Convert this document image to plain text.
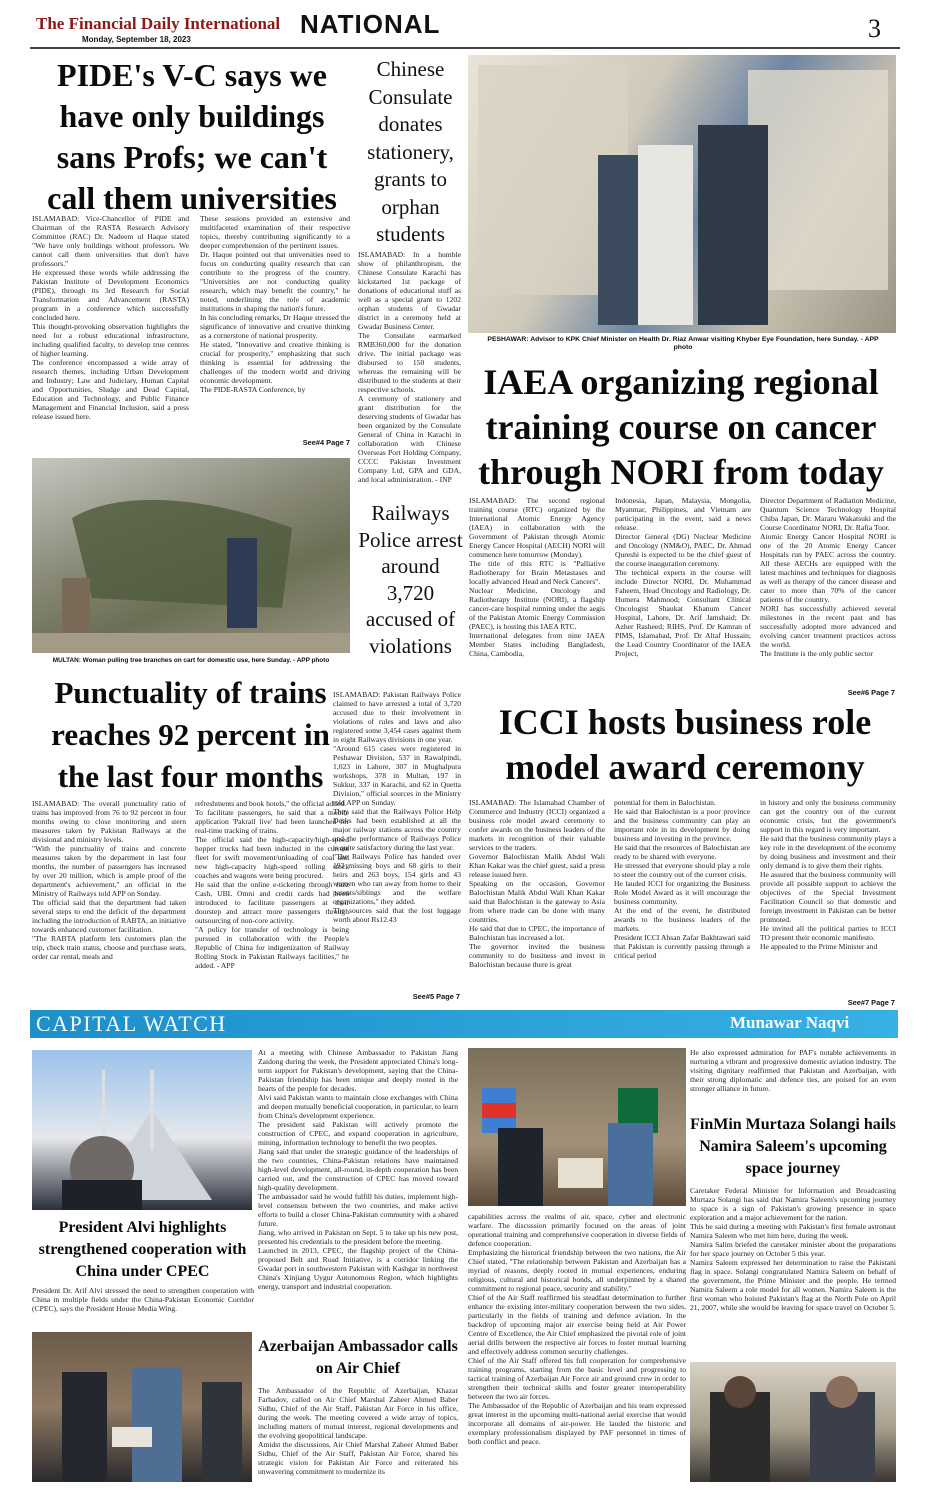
The Financial Daily International
Monday, September 18, 2023
NATIONAL	3
PIDE's V-C says we have only buildings sans Profs; we can't call them universities
ISLAMABAD: Vice-Chancellor of PIDE and Chairman of the RASTA Research Advisory Committee (RAC) Dr. Nadeem ul Haque stated "We have only buildings without professors. We cannot call them universities that don't have professors."
He expressed these words while addressing the Pakistan Institute of Development Economics (PIDE), through its 3rd Research for Social Transformation and Advancement (RASTA) program in a conference which successfully concluded here.
This thought-provoking observation highlights the need for a robust educational infrastructure, including qualified faculty, to develop true centres of higher learning.
The conference encompassed a wide array of research themes, including Urban Development and Industry; Law and Judiciary, Human Capital and Opportunities, Sludge and Dead Capital, Education and Technology, and Public Finance Management and Financial Inclusion, said a press release issued here.
These sessions provided an extensive and multifaceted examination of their respective topics, thereby contributing significantly to a deeper comprehension of the pertinent issues.
Dr. Haque pointed out that universities need to focus on conducting quality research that can contribute to the progress of the country. "Universities are not conducting quality research, which may benefit the country," he noted, underlining the role of academic institutions in shaping the nation's future.
In his concluding remarks, Dr Haque stressed the significance of innovative and creative thinking as a cornerstone of national prosperity.
He stated, "Innovative and creative thinking is crucial for prosperity," emphasizing that such thinking is essential for addressing the challenges of the modern world and driving economic development.
The PIDE-RASTA Conference, by
See#4 Page 7
Chinese Consulate donates stationery, grants to orphan students
ISLAMABAD: In a humble show of philanthropism, the Chinese Consulate Karachi has kickstarted 1st package of donations of educational stuff as well as a special grant to 1202 orphan students of Gwadar district in a ceremony held at Gwadar Business Center.
The Consulate earmarked RMB360,000 for the donation drive. The initial package was disbursed to 150 students, whereas the remaining will be distributed to the students at their respective schools.
A ceremony of stationery and grant distribution for the deserving students of Gwadar has been organized by the Consulate General of China in Karachi in collaboration with Chinese Overseas Port Holding Company, CCCC Pakistan Investment Company Ltd, GPA and GDA, and local administration. - INP
Railways Police arrest around 3,720 accused of violations
ISLAMABAD: Pakistan Railways Police claimed to have arrested a total of 3,720 accused due to their involvement in violations of rules and laws and also registered some 3,454 cases against them in eight Railways divisions in one year.
"Around 615 cases were registered in Peshawar Division, 537 in Rawalpindi, 1,023 in Lahore, 307 in Mughalpura workshops, 378 in Multan, 197 in Sukkur, 337 in Karachi, and 62 in Quetta Division," official sources in the Ministry told APP on Sunday.
They said that the Railways Police Help Desks had been established at all the major railway stations across the country and the performance of Railways Police is quite satisfactory during the last year.
"The Railways Police has handed over 193 missing boys and 68 girls to their heirs and 263 boys, 154 girls and 43 women who ran away from home to their parents/siblings and the welfare organizations," they added.
The sources said that the lost luggage worth about Rs12.43
See#5 Page 7
PESHAWAR: Advisor to KPK Chief Minister on Health Dr. Riaz Anwar visiting Khyber Eye Foundation, here Sunday. - APP photo
IAEA organizing regional training course on cancer through NORI from today
ISLAMABAD: The second regional training course (RTC) organized by the International Atomic Energy Agency (IAEA) in collaboration with the Government of Pakistan through Atomic Energy Cancer Hospital (AECH) NORI will commence here tomorrow (Monday).
The title of this RTC is "Palliative Radiotherapy for Brain Metastases and locally advanced Head and Neck Cancers".
Nuclear Medicine, Oncology and Radiotherapy Institute (NORI), a flagship cancer-care hospital running under the aegis of the Pakistan Atomic Energy Commission (PAEC), is hosting this IAEA RTC.
International delegates from nine IAEA Member States including Bangladesh, China, Cambodia,
Indonesia, Japan, Malaysia, Mongolia, Myanmar, Philippines, and Vietnam are participating in the event, said a news release.
Director General (DG) Nuclear Medicine and Oncology (NM&O), PAEC, Dr. Ahmad Qureshi is expected to be the chief guest of the course inauguration ceremony.
The technical experts in the course will include Director NORI, Dr. Muhammad Faheem, Head Oncology and Radiology, Dr. Humera Mahmood; Consultant Clinical Oncologist Shaukat Khanum Cancer Hospital, Lahore, Dr. Arif Jamshaid; Dr. Azher Rasheed; RIHS, Prof. Dr Kamran of PIMS, Islamabad, Prof. Dr Altaf Hussain; the Lead Country Coordinator of the IAEA Project,
Director Department of Radiation Medicine, Quantum Science Technology Hospital Chiba Japan, Dr. Mararu Wakatsuki and the Course Coordinator NORI, Dr. Rafia Toor.
Atomic Energy Cancer Hospital NORI is one of the 20 Atomic Energy Cancer Hospitals run by PAEC across the country. All these AECHs are equipped with the latest machines and techniques for diagnosis as well as therapy of the cancer disease and cater to more than 70% of the cancer patients of the country.
NORI has successfully achieved several milestones in the recent past and has successfully adopted more advanced and evolving cancer treatment practices across the world.
The Institute is the only public sector
See#6 Page 7
MULTAN: Woman pulling tree branches on cart for domestic use, here Sunday. - APP photo
Punctuality of trains reaches 92 percent in the last four months
ISLAMABAD: The overall punctuality ratio of trains has improved from 76 to 92 percent in four months owing to close monitoring and stern measures taken by Pakistan Railways at the divisional and ministry levels.
"With the punctuality of trains and concrete measures taken by the department in last four months, the number of passengers has increased by over 20 million, which is ample proof of the department's achievement," an official in the Ministry of Railways told APP on Sunday.
The official said that the department had taken several steps to end the deficit of the department including the introduction of RABTA, an initiative towards enhanced customer facilitation.
"The RABTA platform lets customers plan the trip, check train status, choose and purchase seats, order car rental, meals and
refreshments and book hotels," the official added.
To facilitate passengers, he said that a mobile application 'Pakrail live' had been launched for real-time tracking of trains.
The official said the high-capacity/high-speed hopper trucks had been inducted in the current fleet for swift movement/unloading of coal and new high-capacity high-speed rolling stock coaches and wagons were being procured.
He said that the online e-ticketing through Jazz Cash, UBL Omni and credit cards had been introduced to facilitate passengers at their doorstep and attract more passengers through outsourcing of non-core activity.
"A policy for transfer of technology is being pursued in collaboration with the People's Republic of China for indigenization of Railway Rolling Stock in Pakistan Railways facilities," he added. - APP
ICCI hosts business role model award ceremony
ISLAMABAD: The Islamabad Chamber of Commerce and Industry (ICCI) organized a business role model award ceremony to confer awards on the business leaders of the markets in recognition of their valuable services to the traders.
Governor Balochistan Malik Abdul Wali Khan Kakar was the chief guest, said a press release issued here.
Speaking on the occasion, Governor Balochistan Malik Abdul Wali Khan Kakar said that Balochistan is the gateway to Asia from where trade can be done with many countries.
He said that due to CPEC, the importance of Balochistan has increased a lot.
The governor invited the business community to do business and invest in Balochistan because there is great
potential for them in Balochistan.
He said that Balochistan is a poor province and the business community can play an important role in its development by doing business and investing in the province.
He said that the resources of Balochistan are ready to be shared with everyone.
He stressed that everyone should play a role to steer the country out of the current crisis.
He lauded ICCI for organizing the Business Role Model Award as it will encourage the business community.
At the end of the event, he distributed awards to the business leaders of the markets.
President ICCI Ahsan Zafar Bakhtawari said that Pakistan is currently passing through a critical period
in history and only the business community can get the country out of the current economic crisis, but the government's support in this regard is very important.
He said that the business community plays a key role in the development of the economy by doing business and investment and their only demand is to give them their rights.
He assured that the business community will provide all possible support to achieve the objectives of the Special Investment Facilitation Council so that domestic and foreign investment in Pakistan can be better promoted.
He invited all the political parties to ICCI TO present their economic manifesto.
He appealed to the Prime Minister and
See#7 Page 7
CAPITAL WATCH	Munawar Naqvi
President Alvi highlights strengthened cooperation with China under CPEC
President Dr. Arif Alvi stressed the need to strengthen cooperation with China in multiple fields under the China-Pakistan Economic Corridor (CPEC), says the President House Media Wing.
At a meeting with Chinese Ambassador to Pakistan Jiang Zaidong during the week, the President appreciated China's long-term support for Pakistan's development, saying that the China-Pakistan friendship has been unique and deeply rooted in the hearts of the people for decades.
Alvi said Pakistan wants to maintain close exchanges with China and deepen mutually beneficial cooperation, in particular, to learn from China's development experience.
The president said Pakistan will actively promote the construction of CPEC, and expand cooperation in agriculture, mining, information technology to benefit the two peoples.
Jiang said that under the strategic guidance of the leaderships of the two countries, China-Pakistan relations have maintained high-level development, all-round, in-depth cooperation has been carried out, and the construction of CPEC has moved toward high-quality development.
The ambassador said he would fulfill his duties, implement high-level consensus between the two countries, and make active efforts to build a closer China-Pakistan community with a shared future.
Jiang, who arrived in Pakistan on Sept. 5 to take up his new post, presented his credentials to the president before the meeting.
Launched in 2013, CPEC, the flagship project of the China-proposed Belt and Road Initiative, is a corridor linking the Gwadar port in southwestern Pakistan with Kashgar in northwest China's Xinjiang Uygur Autonomous Region, which highlights energy, transport and industrial cooperation.
Azerbaijan Ambassador calls on Air Chief
The Ambassador of the Republic of Azerbaijan, Khazar Farhadov, called on Air Chief Marshal Zaheer Ahmed Baber Sidhu, Chief of the Air Staff, Pakistan Air Force in his office, during the week. The meeting covered a wide array of topics, including matters of mutual interest, regional developments and the evolving geopolitical landscape.
Amidst the discussions, Air Chief Marshal Zaheer Ahmed Baber Sidhu, Chief of the Air Staff, Pakistan Air Force, shared his strategic vision for Pakistan Air Force and reiterated his unwavering commitment to modernize its
capabilities across the realms of air, space, cyber and electronic warfare. The discussion primarily focused on the areas of joint operational training and comprehensive cooperation in diverse fields of defence cooperation.
Emphasizing the historical friendship between the two nations, the Air Chief stated, "The relationship between Pakistan and Azerbaijan has a myriad of reasons, deeply rooted in mutual experiences, enduring religious, cultural and historical bonds, all underpinned by a shared commitment to regional peace, security and stability."
Chief of the Air Staff reaffirmed his steadfast determination to further enhance the existing inter-military cooperation between the two sides, particularly in the fields of training and defence aviation. In the backdrop of upcoming major air exercise being held at Air Power Centre of Excellence, the Air Chief emphasized the pivotal role of joint aerial drills between the respective air forces to foster mutual learning and effectively address common security challenges.
Chief of the Air Staff offered his full cooperation for comprehensive training programs, starting from the basic level and progressing to tactical training of Azerbaijan Air Force air and ground crew in order to strengthen their technical skills and foster greater interoperability between the two air forces.
The Ambassador of the Republic of Azerbaijan and his team expressed great interest in the upcoming multi-national aerial exercise that would incorporate all domains of air-power. He lauded the historic and exemplary professionalism displayed by PAF personnel in times of both conflict and peace.
He also expressed admiration for PAF's notable achievements in nurturing a vibrant and progressive domestic aviation industry. The visiting dignitary reaffirmed that Pakistan and Azerbaijan, with their strong diplomatic and defence ties, are poised for an even stronger alliance in future.
FinMin Murtaza Solangi hails Namira Saleem's upcoming space journey
Caretaker Federal Minister for Information and Broadcasting Murtaza Solangi has said that Namira Saleem's upcoming journey to space is a sign of Pakistan's growing presence in space exploration and a major achievement for the nation.
This he said during a meeting with Pakistan's first female astronaut Namira Saleem who met him here, during the week.
Namira Salim briefed the caretaker minister about the preparations for her space journey on October 5 this year.
Namira Saleem expressed her determination to raise the Pakistani flag in space. Solangi congratulated Namira Saleem on behalf of the government, the Prime Minister and the people. He termed Namira Saleem a role model for all women. Namira Saleem is the first woman who hoisted Pakistan's flag at the North Pole on April 21, 2007, while she would be leaving for space travel on October 5.
